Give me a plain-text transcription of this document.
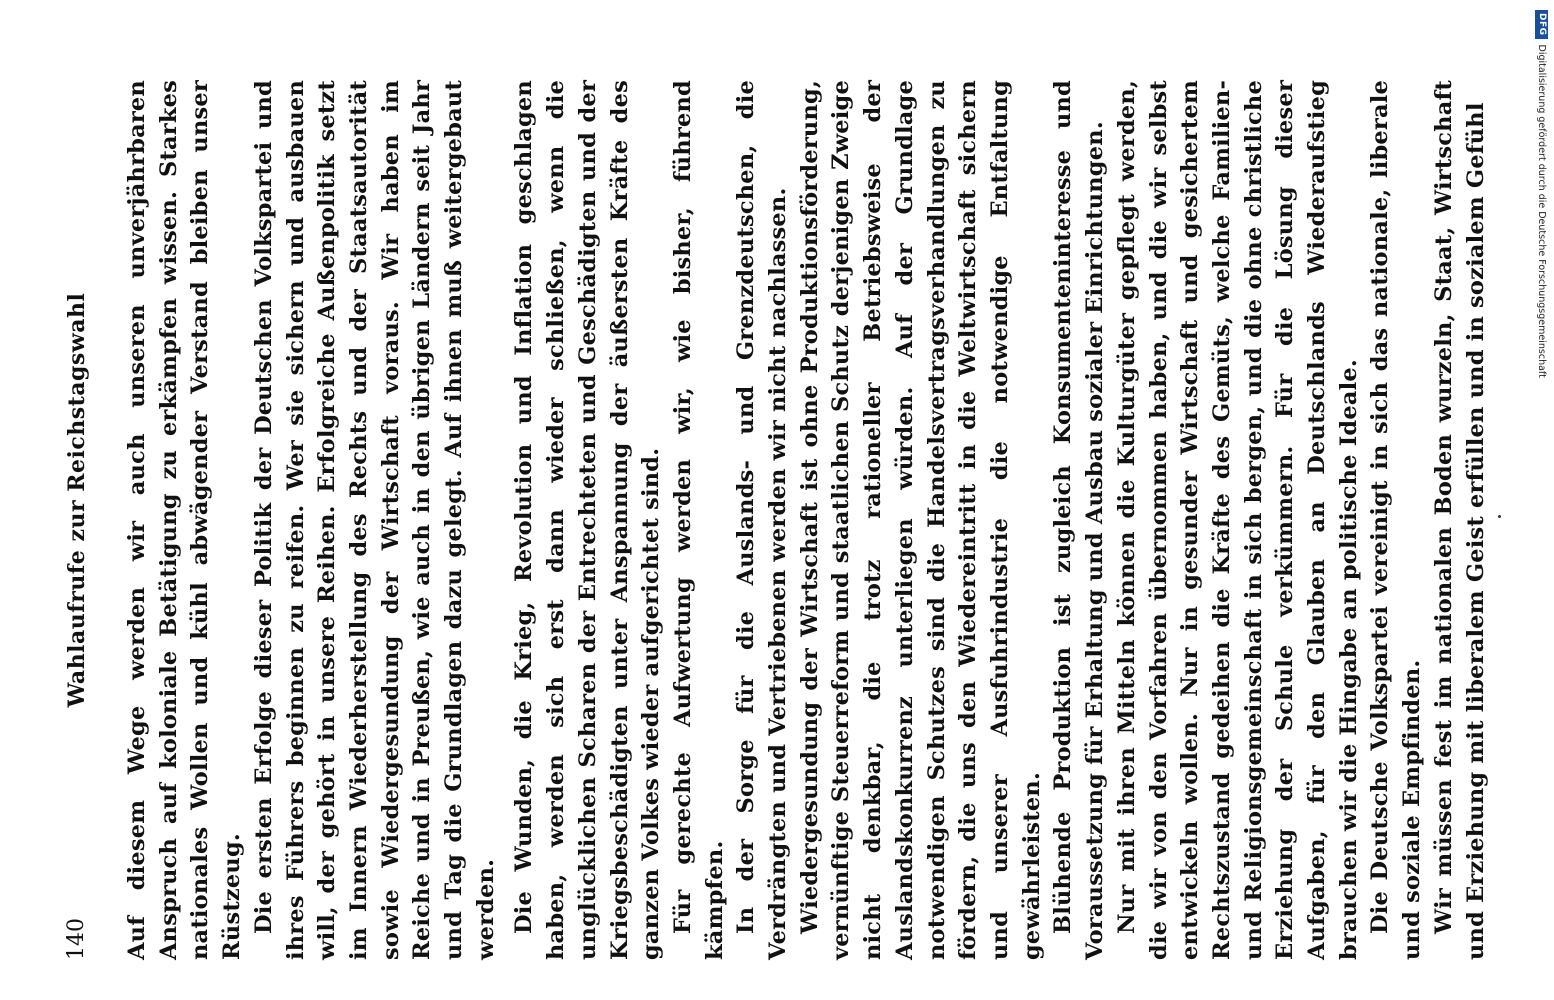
140
Wahlaufrufe zur Reichstagswahl Auf diesem Wege werden wir auch unseren unverjährbaren Anspruch auf koloniale Betätigung zu erkämpfen wissen. Starkes nationales Wollen und kühl abwägender Verstand bleiben unser Rüstzeug. Die ersten Erfolge dieser Politik der Deutschen Volkspartei und ihres Führers beginnen zu reifen. Wer sie sichern und ausbauen will, der gehört in unsere Reihen. Erfolgreiche Außenpolitik setzt im Innern Wiederherstellung des Rechts und der Staatsautorität sowie Wiedergesundung der Wirtschaft voraus. Wir haben im Reiche und in Preußen, wie auch in den übrigen Ländern seit Jahr und Tag die Grundlagen dazu gelegt. Auf ihnen muß weitergebaut werden. Die Wunden, die Krieg, Revolution und Inflation geschlagen haben, werden sich erst dann wieder schließen, wenn die unglücklichen Scharen der Entrechteten und Geschädigten und der Kriegsbeschädigten unter Anspannung der äußersten Kräfte des ganzen Volkes wieder aufgerichtet sind. Für gerechte Aufwertung werden wir, wie bisher, führend kämpfen. In der Sorge für die Auslands- und Grenzdeutschen, die Verdrängten und Vertriebenen werden wir nicht nachlassen. Wiedergesundung der Wirtschaft ist ohne Produktionsförderung, vernünftige Steuerreform und staatlichen Schutz derjenigen Zweige nicht denkbar, die trotz rationeller Betriebsweise der Auslandskonkurrenz unterliegen würden. Auf der Grundlage notwendigen Schutzes sind die Handelsvertragsverhandlungen zu fördern, die uns den Wiedereintritt in die Weltwirtschaft sichern und unserer Ausfuhrindustrie die notwendige Entfaltung gewährleisten. Blühende Produktion ist zugleich Konsumenteninteresse und Voraussetzung für Erhaltung und Ausbau sozialer Einrichtungen. Nur mit ihren Mitteln können die Kulturgüter gepflegt werden, die wir von den Vorfahren übernommen haben, und die wir selbst entwickeln wollen. Nur in gesunder Wirtschaft und gesichertem Rechtszustand gedeihen die Kräfte des Gemüts, welche Familien- und Religionsgemeinschaft in sich bergen, und die ohne christliche Erziehung der Schule verkümmern. Für die Lösung dieser Aufgaben, für den Glauben an Deutschlands Wiederaufstieg brauchen wir die Hingabe an politische Ideale. Die Deutsche Volkspartei vereinigt in sich das nationale, liberale und soziale Empfinden. Wir müssen fest im nationalen Boden wurzeln, Staat, Wirtschaft und Erziehung mit liberalem Geist erfüllen und in sozialem Gefühl

DFGDigitalisierung gefördert durch die Deutsche Forschungsgemeinschaft
